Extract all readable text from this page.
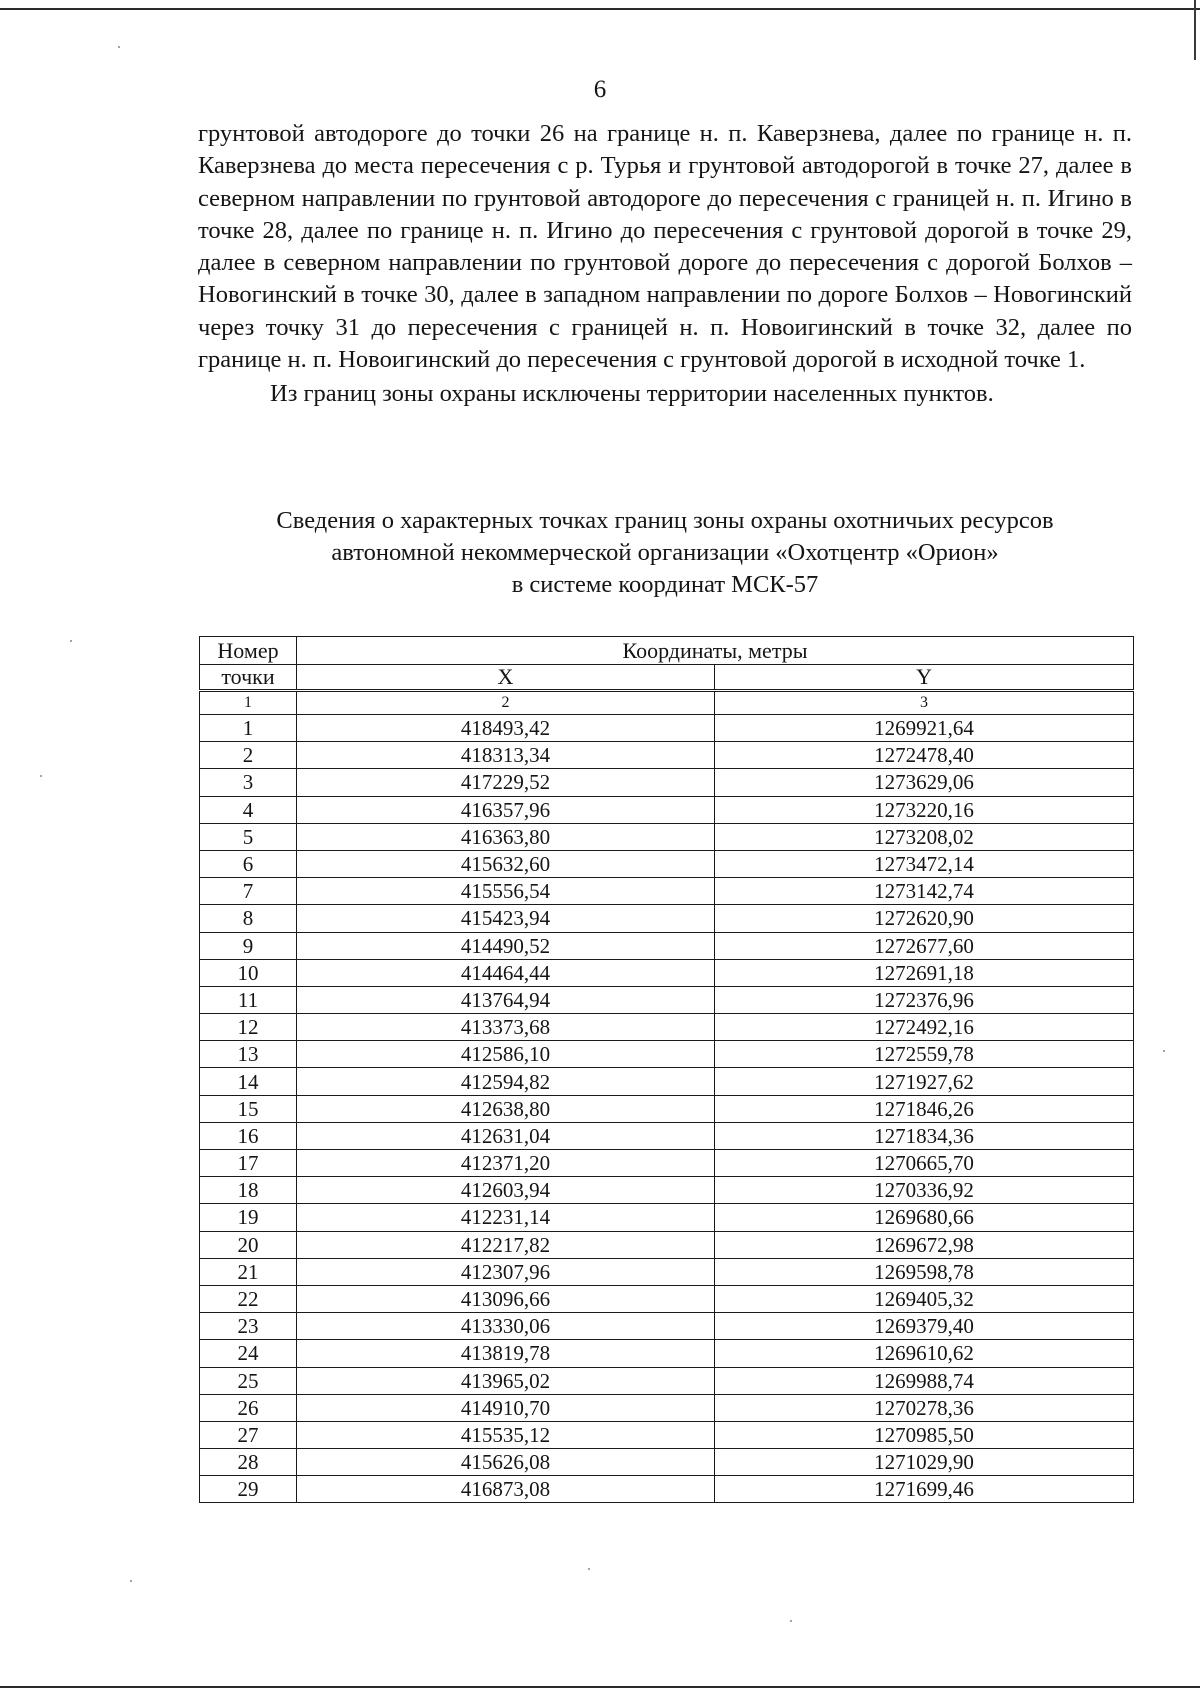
6

грунтовой автодороге до точки 26 на границе н. п. Каверзнева, далее по границе н. п. Каверзнева до места пересечения с р. Турья и грунтовой автодорогой в точке 27, далее в северном направлении по грунтовой автодороге до пересечения с границей н. п. Игино в точке 28, далее по границе н. п. Игино до пересечения с грунтовой дорогой в точке 29, далее в северном направлении по грунтовой дороге до пересечения с дорогой Болхов – Новогинский в точке 30, далее в западном направлении по дороге Болхов – Новогинский через точку 31 до пересечения с границей н. п. Новоигинский в точке 32, далее по границе н. п. Новоигинский до пересечения с грунтовой дорогой в исходной точке 1.

Из границ зоны охраны исключены территории населенных пунктов.

Сведения о характерных точках границ зоны охраны охотничьих ресурсов
автономной некоммерческой организации «Охотцентр «Орион»
в системе координат МСК-57
Номер	Координаты, метры	
точки	X	Y
1	2	3
1	418493,42	1269921,64
2	418313,34	1272478,40
3	417229,52	1273629,06
4	416357,96	1273220,16
5	416363,80	1273208,02
6	415632,60	1273472,14
7	415556,54	1273142,74
8	415423,94	1272620,90
9	414490,52	1272677,60
10	414464,44	1272691,18
11	413764,94	1272376,96
12	413373,68	1272492,16
13	412586,10	1272559,78
14	412594,82	1271927,62
15	412638,80	1271846,26
16	412631,04	1271834,36
17	412371,20	1270665,70
18	412603,94	1270336,92
19	412231,14	1269680,66
20	412217,82	1269672,98
21	412307,96	1269598,78
22	413096,66	1269405,32
23	413330,06	1269379,40
24	413819,78	1269610,62
25	413965,02	1269988,74
26	414910,70	1270278,36
27	415535,12	1270985,50
28	415626,08	1271029,90
29	416873,08	1271699,46
